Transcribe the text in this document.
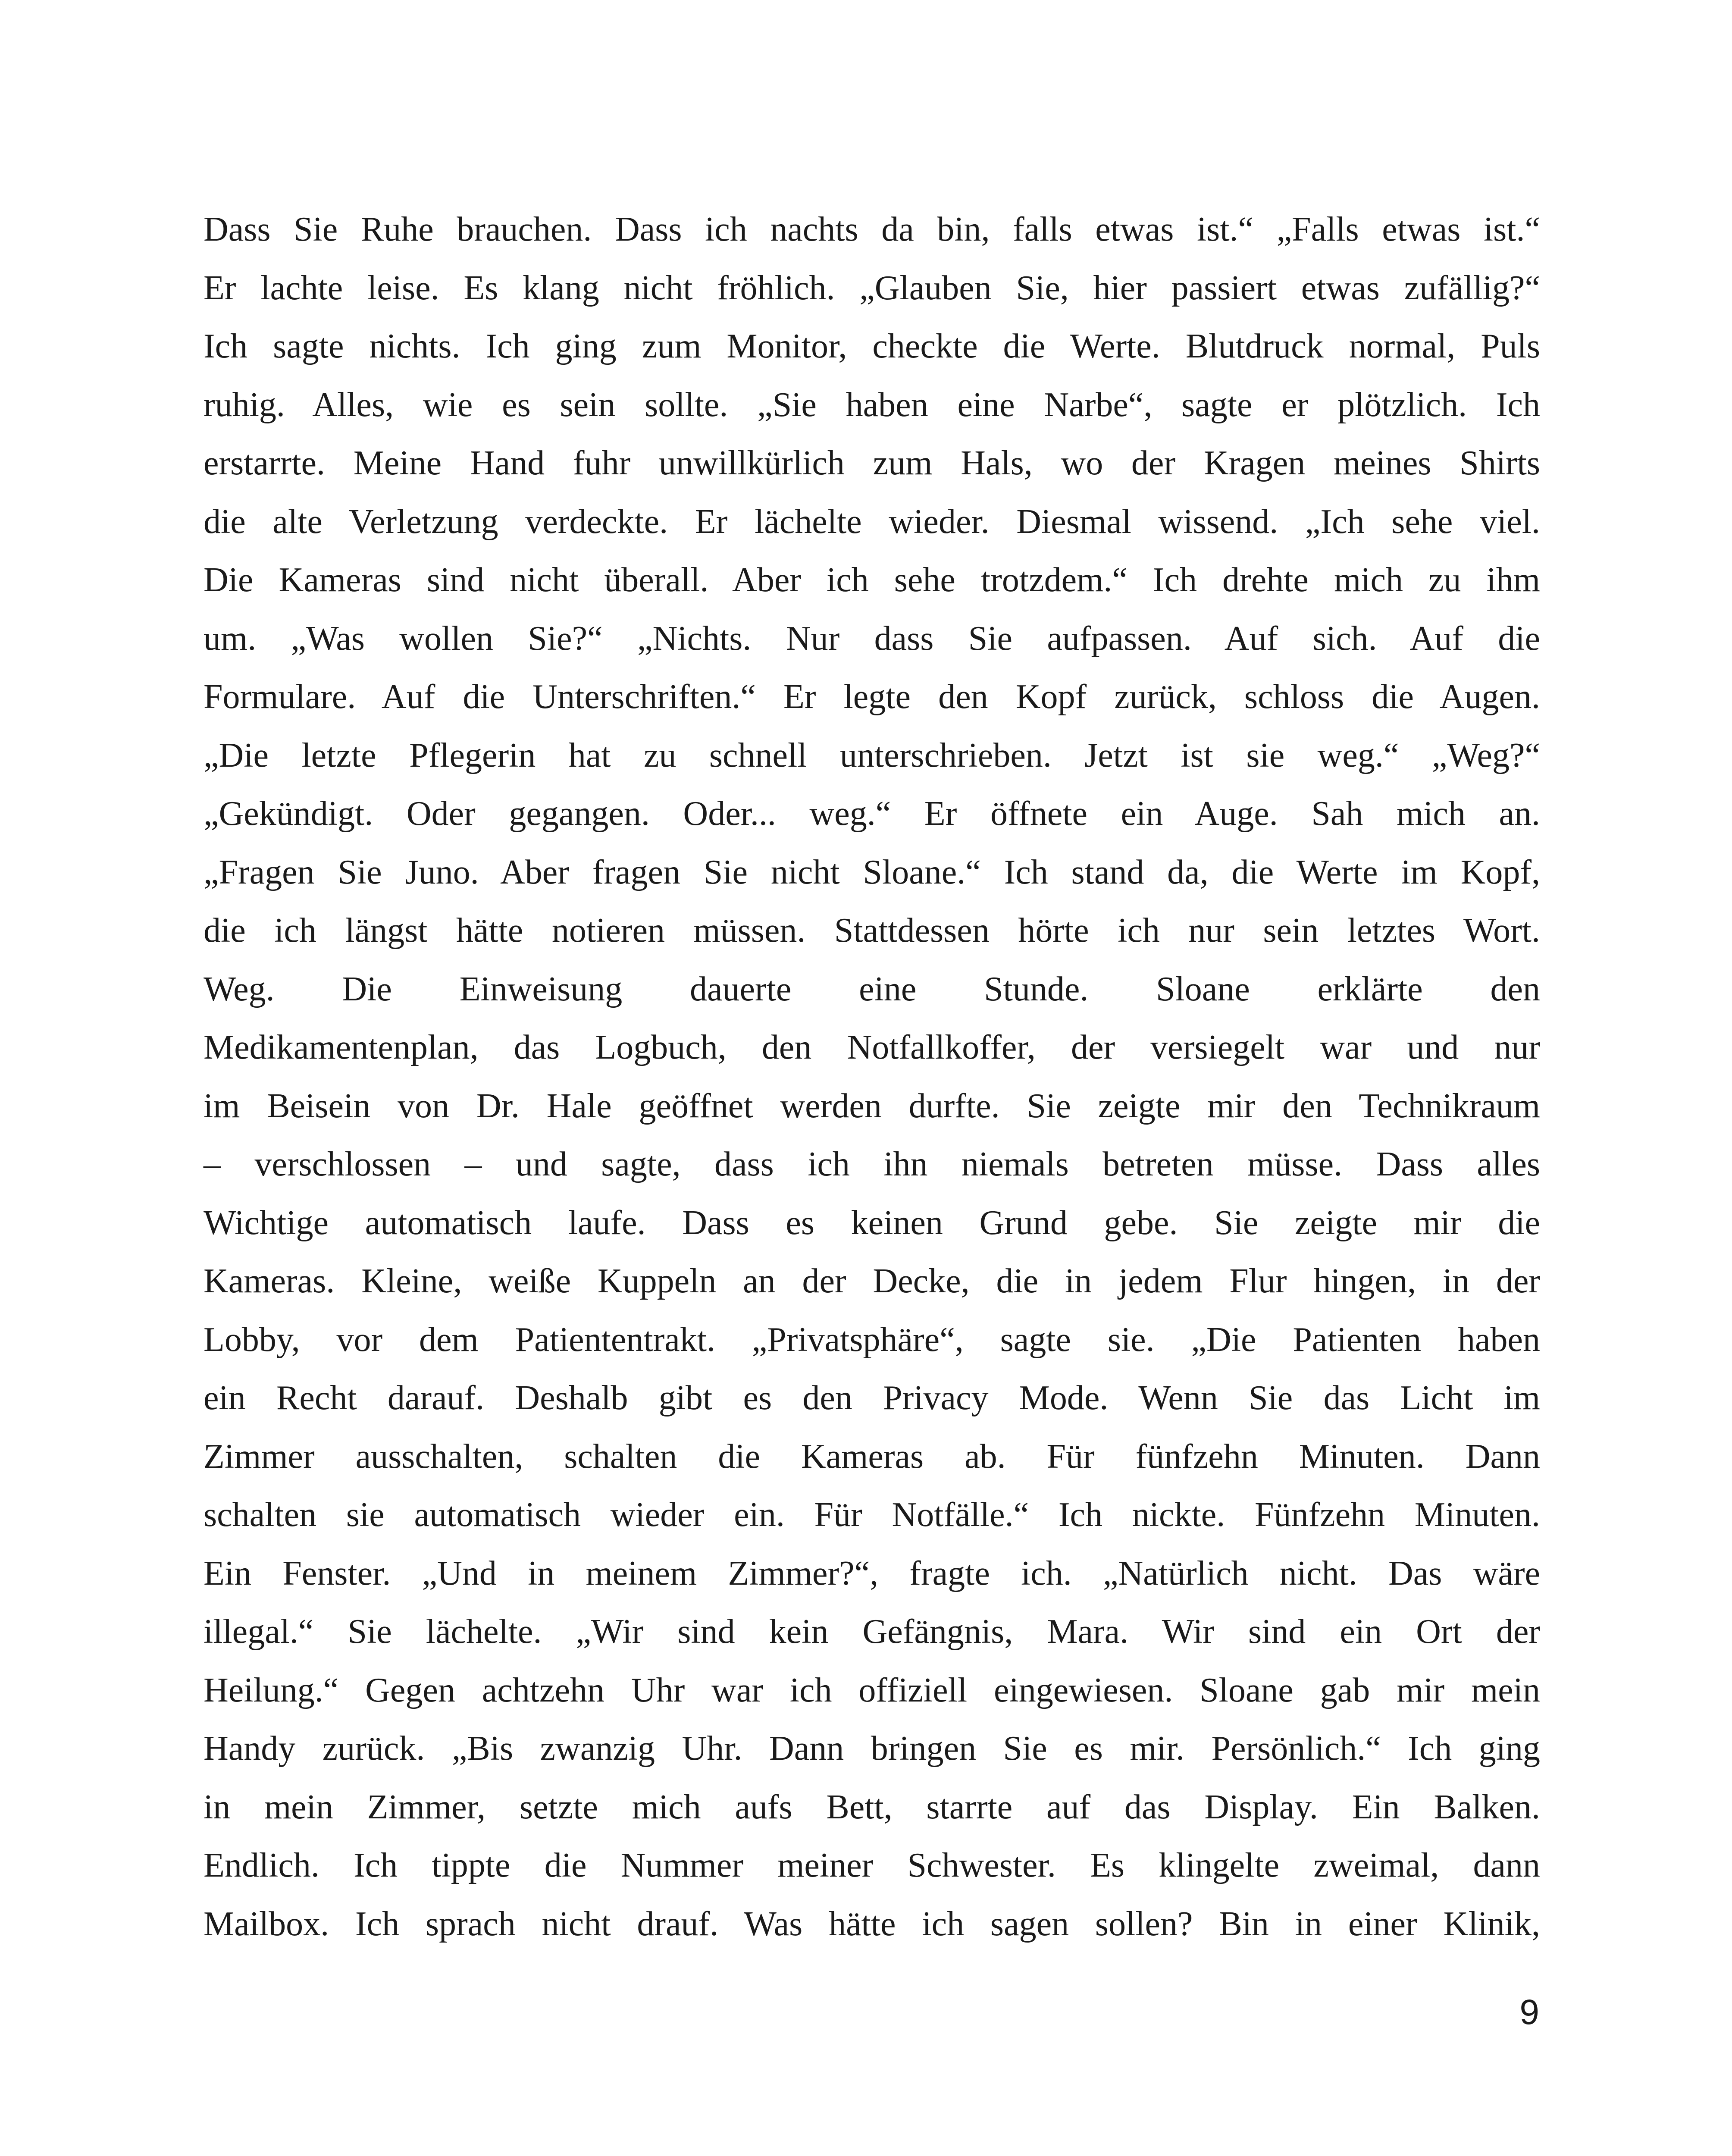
Dass Sie Ruhe brauchen. Dass ich nachts da bin, falls etwas ist.“ „Falls etwas ist.“
Er lachte leise. Es klang nicht fröhlich. „Glauben Sie, hier passiert etwas zufällig?“
Ich sagte nichts. Ich ging zum Monitor, checkte die Werte. Blutdruck normal, Puls
ruhig. Alles, wie es sein sollte. „Sie haben eine Narbe“, sagte er plötzlich. Ich
erstarrte. Meine Hand fuhr unwillkürlich zum Hals, wo der Kragen meines Shirts
die alte Verletzung verdeckte. Er lächelte wieder. Diesmal wissend. „Ich sehe viel.
Die Kameras sind nicht überall. Aber ich sehe trotzdem.“ Ich drehte mich zu ihm
um. „Was wollen Sie?“ „Nichts. Nur dass Sie aufpassen. Auf sich. Auf die
Formulare. Auf die Unterschriften.“ Er legte den Kopf zurück, schloss die Augen.
„Die letzte Pflegerin hat zu schnell unterschrieben. Jetzt ist sie weg.“ „Weg?“
„Gekündigt. Oder gegangen. Oder... weg.“ Er öffnete ein Auge. Sah mich an.
„Fragen Sie Juno. Aber fragen Sie nicht Sloane.“ Ich stand da, die Werte im Kopf,
die ich längst hätte notieren müssen. Stattdessen hörte ich nur sein letztes Wort.
Weg. Die Einweisung dauerte eine Stunde. Sloane erklärte den
Medikamentenplan, das Logbuch, den Notfallkoffer, der versiegelt war und nur
im Beisein von Dr. Hale geöffnet werden durfte. Sie zeigte mir den Technikraum
– verschlossen – und sagte, dass ich ihn niemals betreten müsse. Dass alles
Wichtige automatisch laufe. Dass es keinen Grund gebe. Sie zeigte mir die
Kameras. Kleine, weiße Kuppeln an der Decke, die in jedem Flur hingen, in der
Lobby, vor dem Patiententrakt. „Privatsphäre“, sagte sie. „Die Patienten haben
ein Recht darauf. Deshalb gibt es den Privacy Mode. Wenn Sie das Licht im
Zimmer ausschalten, schalten die Kameras ab. Für fünfzehn Minuten. Dann
schalten sie automatisch wieder ein. Für Notfälle.“ Ich nickte. Fünfzehn Minuten.
Ein Fenster. „Und in meinem Zimmer?“, fragte ich. „Natürlich nicht. Das wäre
illegal.“ Sie lächelte. „Wir sind kein Gefängnis, Mara. Wir sind ein Ort der
Heilung.“ Gegen achtzehn Uhr war ich offiziell eingewiesen. Sloane gab mir mein
Handy zurück. „Bis zwanzig Uhr. Dann bringen Sie es mir. Persönlich.“ Ich ging
in mein Zimmer, setzte mich aufs Bett, starrte auf das Display. Ein Balken.
Endlich. Ich tippte die Nummer meiner Schwester. Es klingelte zweimal, dann
Mailbox. Ich sprach nicht drauf. Was hätte ich sagen sollen? Bin in einer Klinik,
9
